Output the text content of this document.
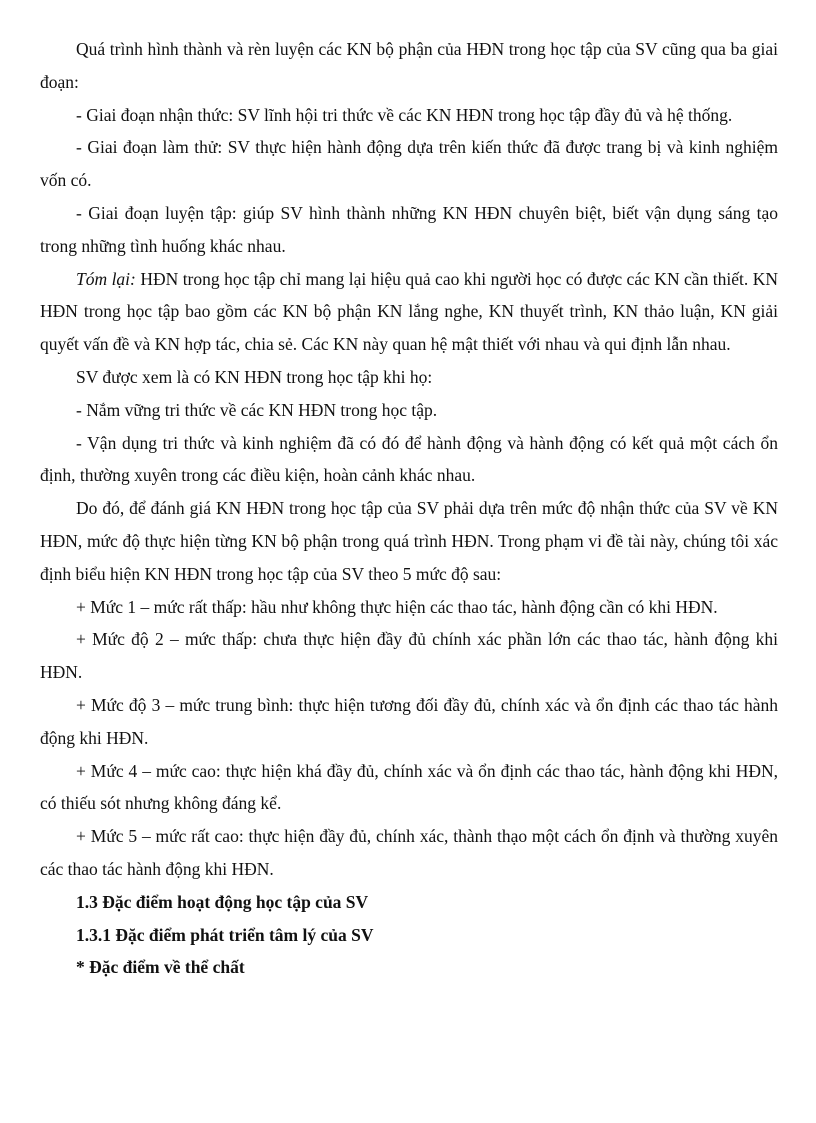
Quá trình hình thành và rèn luyện các KN bộ phận của HĐN trong học tập của SV cũng qua ba giai đoạn:

- Giai đoạn nhận thức: SV lĩnh hội tri thức về các KN HĐN trong học tập đầy đủ và hệ thống.

- Giai đoạn làm thử: SV thực hiện hành động dựa trên kiến thức đã được trang bị và kinh nghiệm vốn có.

- Giai đoạn luyện tập: giúp SV hình thành những KN HĐN chuyên biệt, biết vận dụng sáng tạo trong những tình huống khác nhau.

Tóm lại: HĐN trong học tập chỉ mang lại hiệu quả cao khi người học có được các KN cần thiết. KN HĐN trong học tập bao gồm các KN bộ phận KN lắng nghe, KN thuyết trình, KN thảo luận, KN giải quyết vấn đề và KN hợp tác, chia sẻ. Các KN này quan hệ mật thiết với nhau và qui định lẫn nhau.

SV được xem là có KN HĐN trong học tập khi họ:

- Nắm vững tri thức về các KN HĐN trong học tập.

- Vận dụng tri thức và kinh nghiệm đã có đó để hành động và hành động có kết quả một cách ổn định, thường xuyên trong các điều kiện, hoàn cảnh khác nhau.

Do đó, để đánh giá KN HĐN trong học tập của SV phải dựa trên mức độ nhận thức của SV về KN HĐN, mức độ thực hiện từng KN bộ phận trong quá trình HĐN. Trong phạm vi đề tài này, chúng tôi xác định biểu hiện KN HĐN trong học tập của SV theo 5 mức độ sau:

+ Mức 1 – mức rất thấp: hầu như không thực hiện các thao tác, hành động cần có khi HĐN.

+ Mức độ 2 – mức thấp: chưa thực hiện đầy đủ chính xác phần lớn các thao tác, hành động khi HĐN.

+ Mức độ 3 – mức trung bình: thực hiện tương đối đầy đủ, chính xác và ổn định các thao tác hành động khi HĐN.

+ Mức 4 – mức cao: thực hiện khá đầy đủ, chính xác và ổn định các thao tác, hành động khi HĐN, có thiếu sót nhưng không đáng kể.

+ Mức 5 – mức rất cao: thực hiện đầy đủ, chính xác, thành thạo một cách ổn định và thường xuyên các thao tác hành động khi HĐN.

1.3 Đặc điểm hoạt động học tập của SV

1.3.1 Đặc điểm phát triển tâm lý của SV

* Đặc điểm về thể chất
